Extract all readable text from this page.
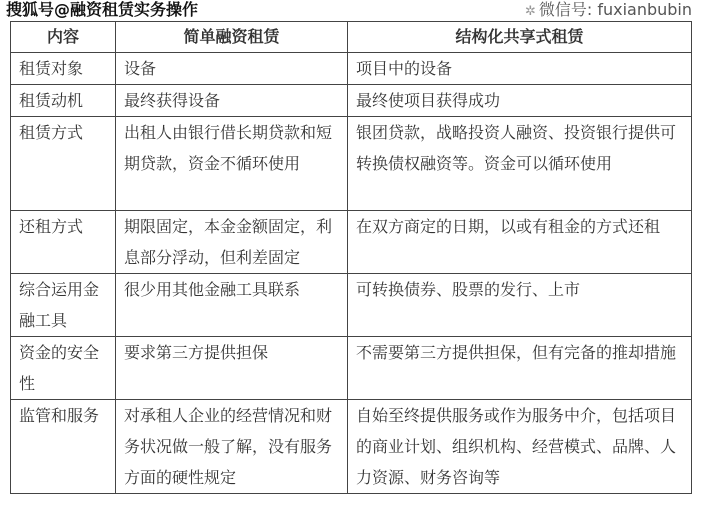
内容	简单融资租赁	结构化共享式租赁
租赁对象	设备	项目中的设备
租赁动机	最终获得设备	最终使项目获得成功
租赁方式	出租人由银行借长期贷款和短期贷款，资金不循环使用	银团贷款，战略投资人融资、投资银行提供可转换债权融资等。资金可以循环使用
还租方式	期限固定，本金金额固定，利息部分浮动，但利差固定	在双方商定的日期，以或有租金的方式还租
综合运用金融工具	很少用其他金融工具联系	可转换债券、股票的发行、上市
资金的安全性	要求第三方提供担保	不需要第三方提供担保，但有完备的推却措施
监管和服务	对承租人企业的经营情况和财务状况做一般了解，没有服务方面的硬性规定	自始至终提供服务或作为服务中介，包括项目的商业计划、组织机构、经营模式、品牌、人力资源、财务咨询等
搜狐号@融资租赁实务操作	✲ 微信号: fuxianbubin
